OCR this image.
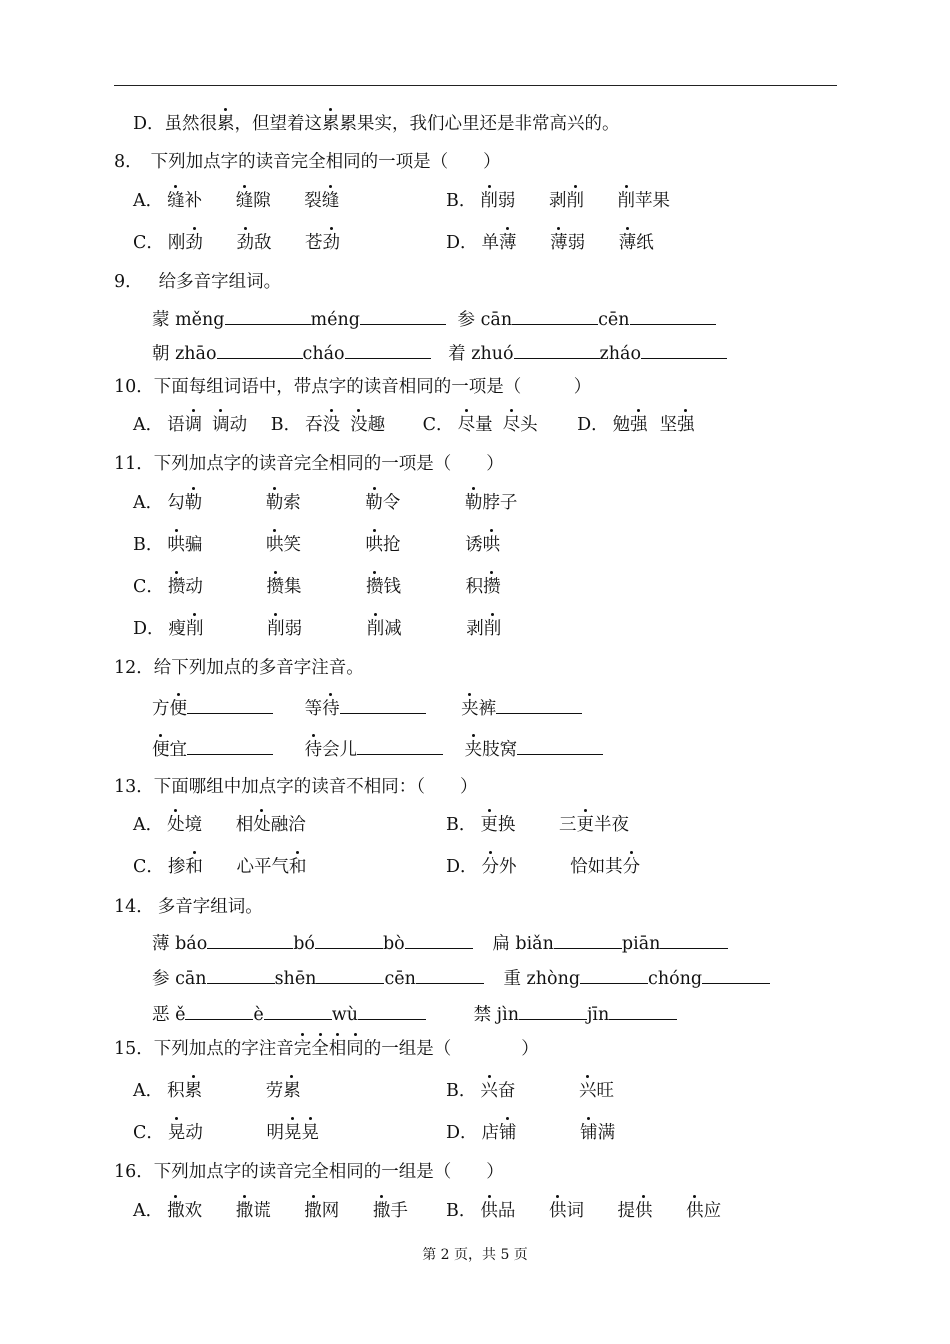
D．虽然很累，但望着这累累果实，我们心里还是非常高兴的。
8． 下列加点字的读音完全相同的一项是（　　）
A． 缝补 缝隙 裂缝	B． 削弱 剥削 削苹果
C． 刚劲 劲敌 苍劲	D． 单薄 薄弱 薄纸
9． 给多音字组词。
蒙 měng	méng	参 cān	cēn
朝 zhāo	cháo	着 zhuó	zháo
10．下面每组词语中，带点字的读音相同的一项是（　　　）
A． 语调 调动 B． 吞没 没趣 C． 尽量 尽头 D． 勉强 坚强
11．下列加点字的读音完全相同的一项是（　　）
A． 勾勒	勒索	勒令	勒脖子
B． 哄骗	哄笑	哄抢	诱哄
C． 攒动	攒集	攒钱	积攒
D． 瘦削	削弱	削减	剥削
12．给下列加点的多音字注音。
方便	等待	夹裤
便宜	待会儿	夹肢窝
13．下面哪组中加点字的读音不相同：（　　）
A． 处境 相处融洽	B． 更换 三更半夜
C． 掺和 心平气和	D． 分外	恰如其分
14． 多音字组词。
薄 báo	bó	bò	扁 biǎn	piān
参 cān	shēn	cēn	重 zhòng	chóng
恶 ě	è	wù	禁 jìn	jīn
15．下列加点的字注音完全相同的一组是（　　　　）
A． 积累	劳累	B． 兴奋	兴旺
C． 晃动	明晃晃	D． 店铺	铺满
16．下列加点字的读音完全相同的一组是（　　）
A． 撒欢 撒谎 撒网 撒手 B． 供品 供词 提供 供应
第 2 页，共 5 页
